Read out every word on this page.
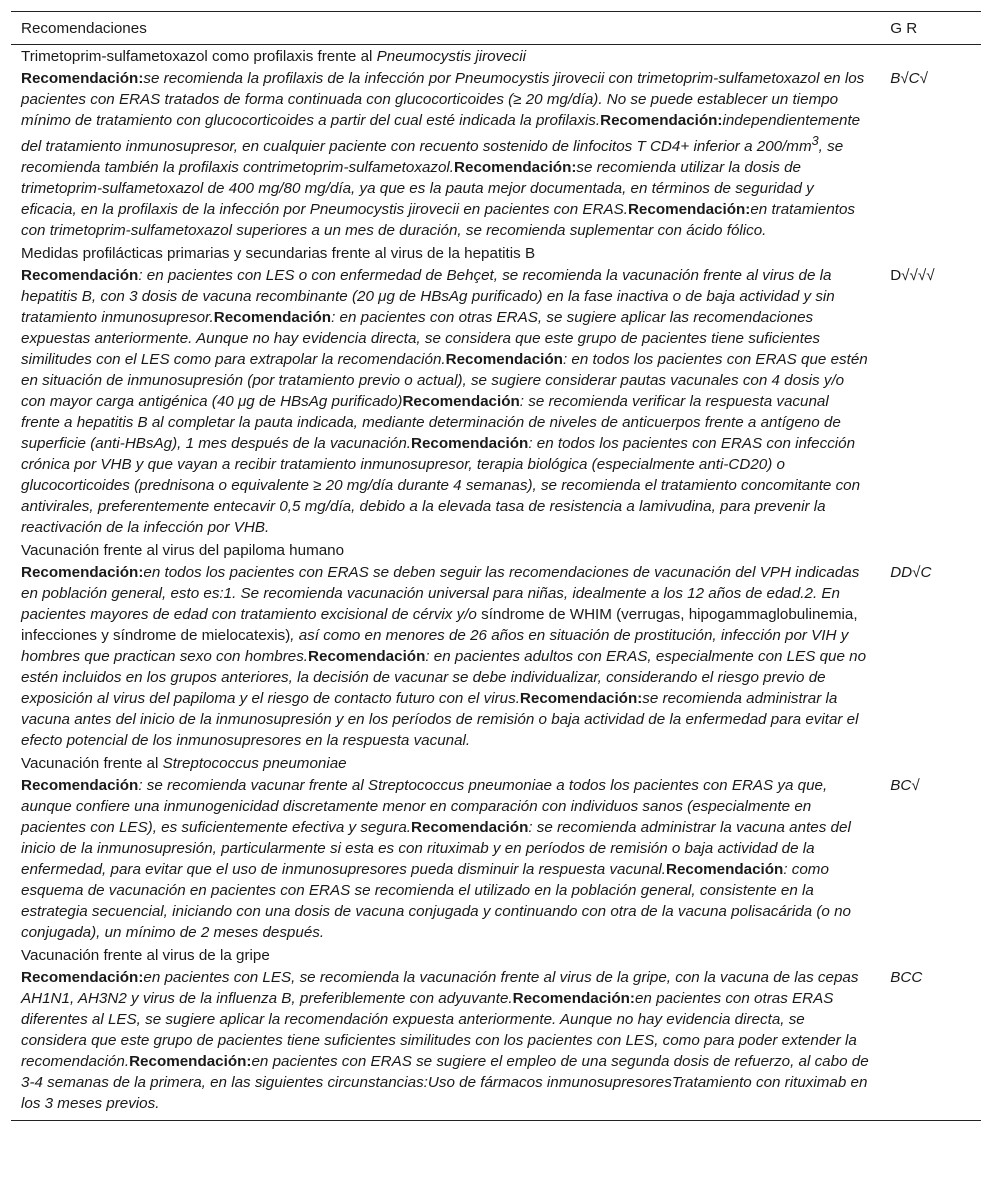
Recomendaciones	G R
Trimetoprim-sulfametoxazol como profilaxis frente al Pneumocystis jirovecii	
Recomendación:se recomienda la profilaxis de la infección por Pneumocystis jirovecii con trimetoprim-sulfametoxazol en los pacientes con ERAS tratados de forma continuada con glucocorticoides (≥ 20 mg/día). No se puede establecer un tiempo mínimo de tratamiento con glucocorticoides a partir del cual esté indicada la profilaxis.Recomendación:independientemente del tratamiento inmunosupresor, en cualquier paciente con recuento sostenido de linfocitos T CD4+ inferior a $200/mm^3$, se recomienda también la profilaxis contrimetoprim-sulfametoxazol.Recomendación:se recomienda utilizar la dosis de trimetoprim-sulfametoxazol de 400 mg/80 mg/día, ya que es la pauta mejor documentada, en términos de seguridad y eficacia, en la profilaxis de la infección por Pneumocystis jirovecii en pacientes con ERAS.Recomendación:en tratamientos con trimetoprim-sulfametoxazol superiores a un mes de duración, se recomienda suplementar con ácido fólico.	B√C√
Medidas profilácticas primarias y secundarias frente al virus de la hepatitis B	
Recomendación: en pacientes con LES o con enfermedad de Behçet, se recomienda la vacunación frente al virus de la hepatitis B, con 3 dosis de vacuna recombinante (20 μg de HBsAg purificado) en la fase inactiva o de baja actividad y sin tratamiento inmunosupresor.Recomendación: en pacientes con otras ERAS, se sugiere aplicar las recomendaciones expuestas anteriormente. Aunque no hay evidencia directa, se considera que este grupo de pacientes tiene suficientes similitudes con el LES como para extrapolar la recomendación.Recomendación: en todos los pacientes con ERAS que estén en situación de inmunosupresión (por tratamiento previo o actual), se sugiere considerar pautas vacunales con 4 dosis y/o con mayor carga antigénica (40 μg de HBsAg purificado)Recomendación: se recomienda verificar la respuesta vacunal frente a hepatitis B al completar la pauta indicada, mediante determinación de niveles de anticuerpos frente a antígeno de superficie (anti-HBsAg), 1 mes después de la vacunación.Recomendación: en todos los pacientes con ERAS con infección crónica por VHB y que vayan a recibir tratamiento inmunosupresor, terapia biológica (especialmente anti-CD20) o glucocorticoides (prednisona o equivalente ≥ 20 mg/día durante 4 semanas), se recomienda el tratamiento concomitante con antivirales, preferentemente entecavir 0,5 mg/día, debido a la elevada tasa de resistencia a lamivudina, para prevenir la reactivación de la infección por VHB.	D√√√√
Vacunación frente al virus del papiloma humano	
Recomendación:en todos los pacientes con ERAS se deben seguir las recomendaciones de vacunación del VPH indicadas en población general, esto es:1. Se recomienda vacunación universal para niñas, idealmente a los 12 años de edad.2. En pacientes mayores de edad con tratamiento excisional de cérvix y/o síndrome de WHIM (verrugas, hipogammaglobulinemia, infecciones y síndrome de mielocatexis), así como en menores de 26 años en situación de prostitución, infección por VIH y hombres que practican sexo con hombres.Recomendación: en pacientes adultos con ERAS, especialmente con LES que no estén incluidos en los grupos anteriores, la decisión de vacunar se debe individualizar, considerando el riesgo previo de exposición al virus del papiloma y el riesgo de contacto futuro con el virus.Recomendación:se recomienda administrar la vacuna antes del inicio de la inmunosupresión y en los períodos de remisión o baja actividad de la enfermedad para evitar el efecto potencial de los inmunosupresores en la respuesta vacunal.	DD√C
Vacunación frente al Streptococcus pneumoniae	
Recomendación: se recomienda vacunar frente al Streptococcus pneumoniae a todos los pacientes con ERAS ya que, aunque confiere una inmunogenicidad discretamente menor en comparación con individuos sanos (especialmente en pacientes con LES), es suficientemente efectiva y segura.Recomendación: se recomienda administrar la vacuna antes del inicio de la inmunosupresión, particularmente si esta es con rituximab y en períodos de remisión o baja actividad de la enfermedad, para evitar que el uso de inmunosupresores pueda disminuir la respuesta vacunal.Recomendación: como esquema de vacunación en pacientes con ERAS se recomienda el utilizado en la población general, consistente en la estrategia secuencial, iniciando con una dosis de vacuna conjugada y continuando con otra de la vacuna polisacárida (o no conjugada), un mínimo de 2 meses después.	BC√
Vacunación frente al virus de la gripe	
Recomendación:en pacientes con LES, se recomienda la vacunación frente al virus de la gripe, con la vacuna de las cepas AH1N1, AH3N2 y virus de la influenza B, preferiblemente con adyuvante.Recomendación:en pacientes con otras ERAS diferentes al LES, se sugiere aplicar la recomendación expuesta anteriormente. Aunque no hay evidencia directa, se considera que este grupo de pacientes tiene suficientes similitudes con los pacientes con LES, como para poder extender la recomendación.Recomendación:en pacientes con ERAS se sugiere el empleo de una segunda dosis de refuerzo, al cabo de 3-4 semanas de la primera, en las siguientes circunstancias:Uso de fármacos inmunosupresoresTratamiento con rituximab en los 3 meses previos.	BCC
